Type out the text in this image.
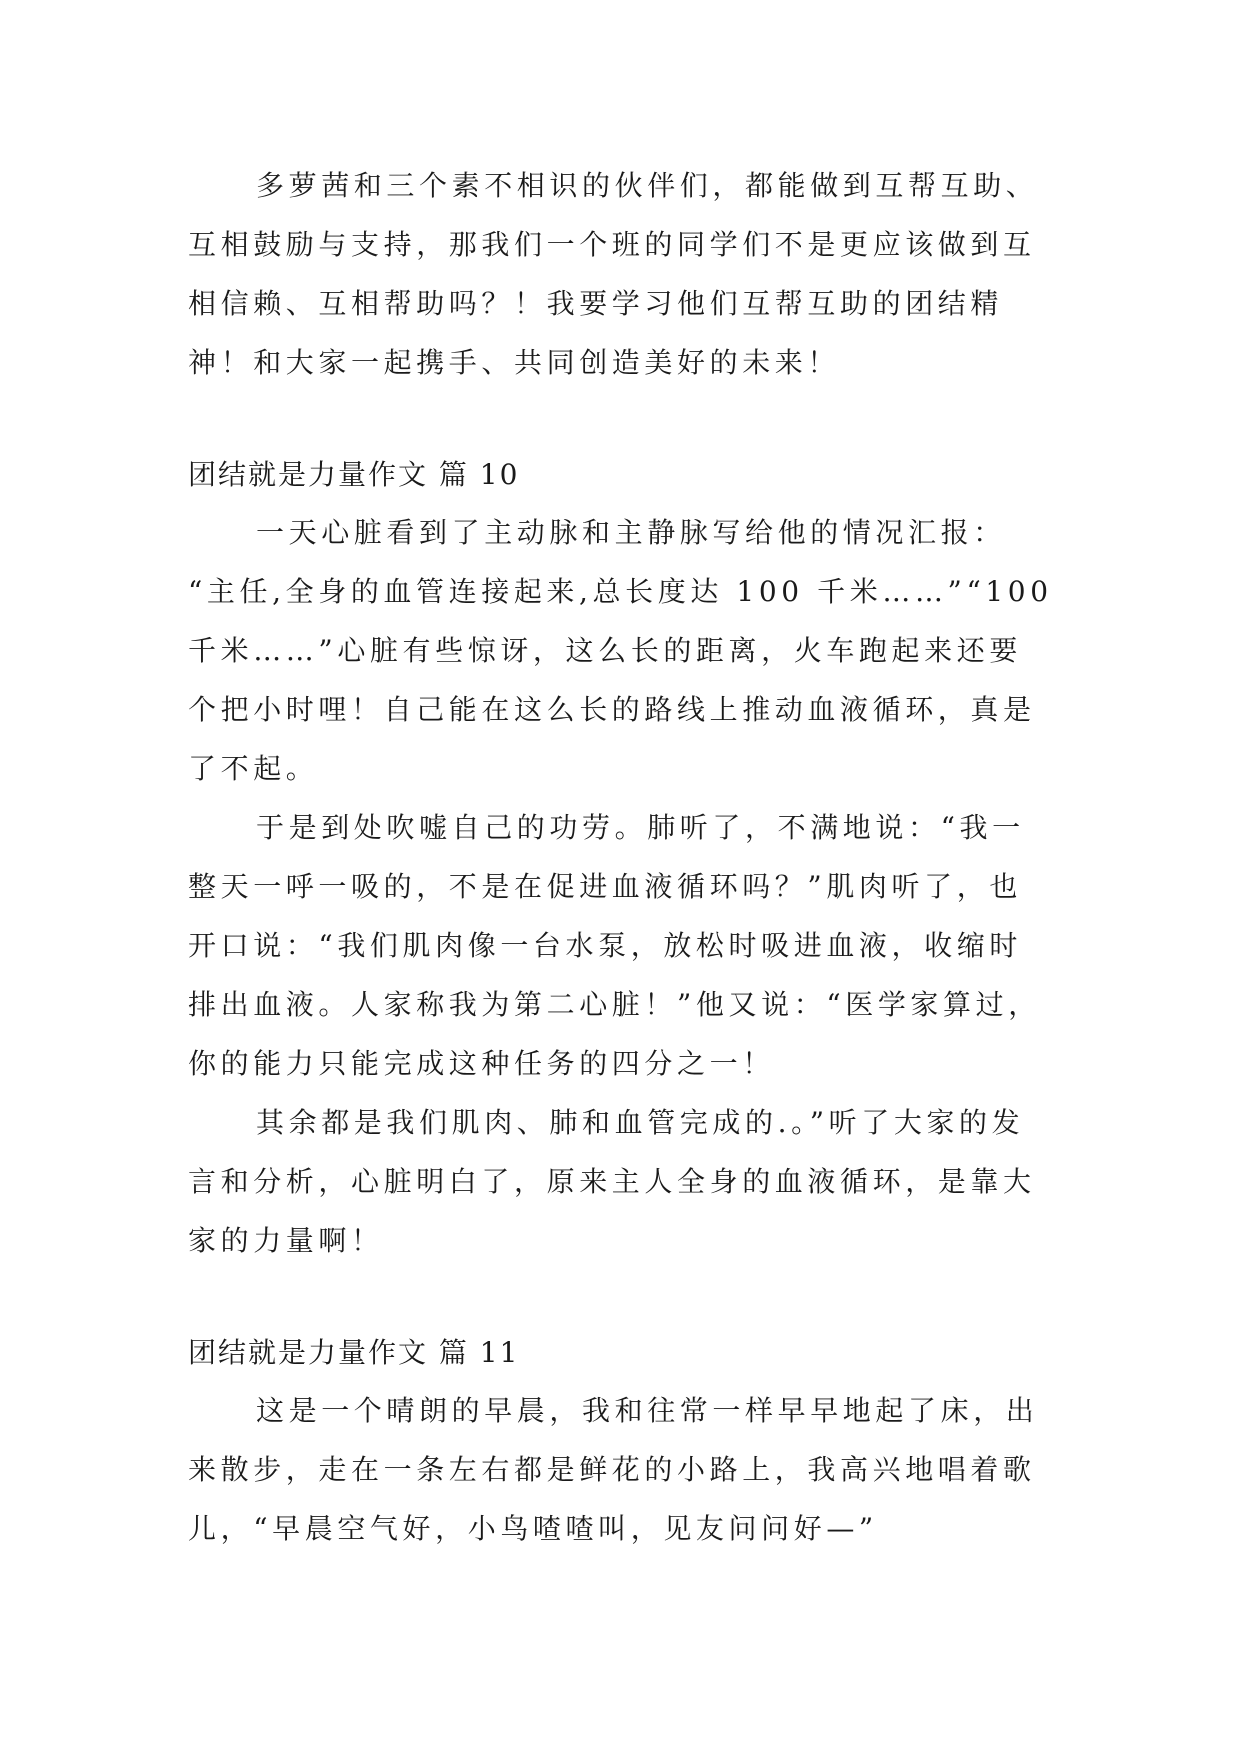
多萝茜和三个素不相识的伙伴们，都能做到互帮互助、

互相鼓励与支持，那我们一个班的同学们不是更应该做到互

相信赖、互相帮助吗？！我要学习他们互帮互助的团结精

神！和大家一起携手、共同创造美好的未来！

团结就是力量作文 篇 10

一天心脏看到了主动脉和主静脉写给他的情况汇报：

“主任,全身的血管连接起来,总长度达 100 千米……”“100

千米……”心脏有些惊讶，这么长的距离，火车跑起来还要

个把小时哩！自己能在这么长的路线上推动血液循环，真是

了不起。

于是到处吹嘘自己的功劳。肺听了，不满地说：“我一

整天一呼一吸的，不是在促进血液循环吗？”肌肉听了，也

开口说：“我们肌肉像一台水泵，放松时吸进血液，收缩时

排出血液。人家称我为第二心脏！”他又说：“医学家算过，

你的能力只能完成这种任务的四分之一！

其余都是我们肌肉、肺和血管完成的.。”听了大家的发

言和分析，心脏明白了，原来主人全身的血液循环，是靠大

家的力量啊！

团结就是力量作文 篇 11

这是一个晴朗的早晨，我和往常一样早早地起了床，出

来散步，走在一条左右都是鲜花的小路上，我高兴地唱着歌

儿，“早晨空气好，小鸟喳喳叫，见友问问好—”
